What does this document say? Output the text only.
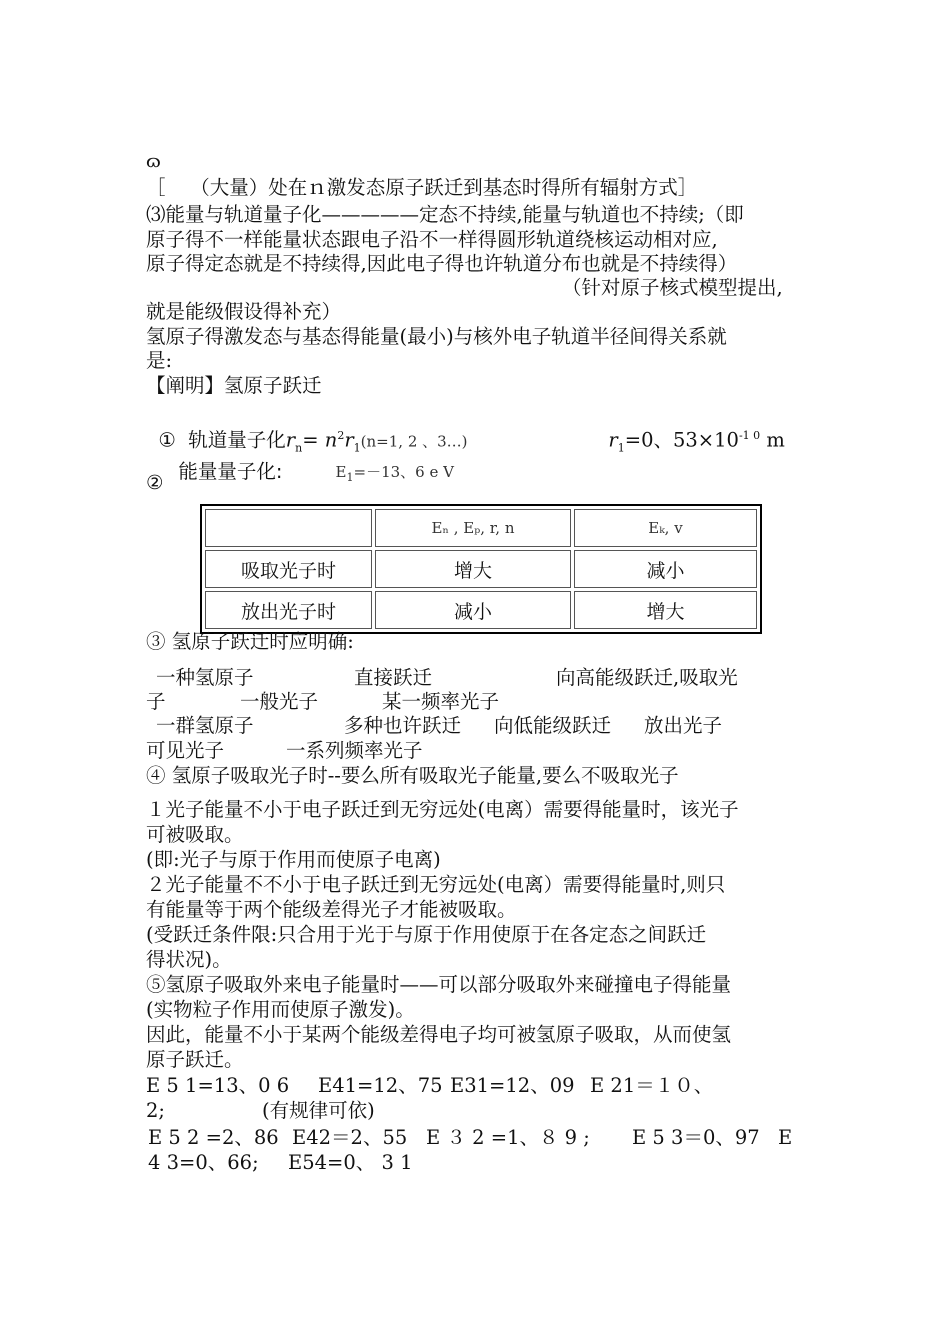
ɷ
［    （大量）处在ｎ激发态原子跃迁到基态时得所有辐射方式］
⑶能量与轨道量子化—————定态不持续,能量与轨道也不持续;（即
原子得不一样能量状态跟电子沿不一样得圆形轨道绕核运动相对应,
原子得定态就是不持续得,因此电子得也许轨道分布也就是不持续得）
（针对原子核式模型提出,
就是能级假设得补充）
氢原子得激发态与基态得能量(最小)与核外电子轨道半径间得关系就
是:
【阐明】氢原子跃迁

①  轨道量子化$r_n= n^2r_1(n=1$, 2 、3…)	$r_1=0$、$53\times 10^{-1 0}$ m

能量量子化:	$E_1=-13$、6 e V

②
	Eₙ , Eₚ, r, n	Eₖ, v
吸取光子时	增大	减小
放出光子时	减小	增大
③ 氢原子跃迁时应明确:
一种氢原子	直接跃迁	向高能级跃迁,吸取光
子	一般光子	某一频率光子
一群氢原子	多种也许跃迁 向低能级跃迁 放出光子
可见光子	一系列频率光子
④ 氢原子吸取光子时--要么所有吸取光子能量,要么不吸取光子
１光子能量不小于电子跃迁到无穷远处(电离）需要得能量时，该光子
可被吸取。
(即:光子与原于作用而使原子电离)
２光子能量不不小于电子跃迁到无穷远处(电离）需要得能量时,则只
有能量等于两个能级差得光子才能被吸取。
(受跃迁条件限:只合用于光于与原于作用使原于在各定态之间跃迁
得状况)。
⑤氢原子吸取外来电子能量时——可以部分吸取外来碰撞电子得能量
(实物粒子作用而使原子激发)。
因此，能量不小于某两个能级差得电子均可被氢原子吸取，从而使氢
原子跃迁。
E 5 1=13、0 6 E41=12、75 E31=12、09 E 21＝１０、
2;	(有规律可依)
E 5 2 =2、86 E42＝2、55 E ３ 2 =1、８ 9 ; E 5 3＝0、97 E
4 3=0、66; E54=0、 3 1
